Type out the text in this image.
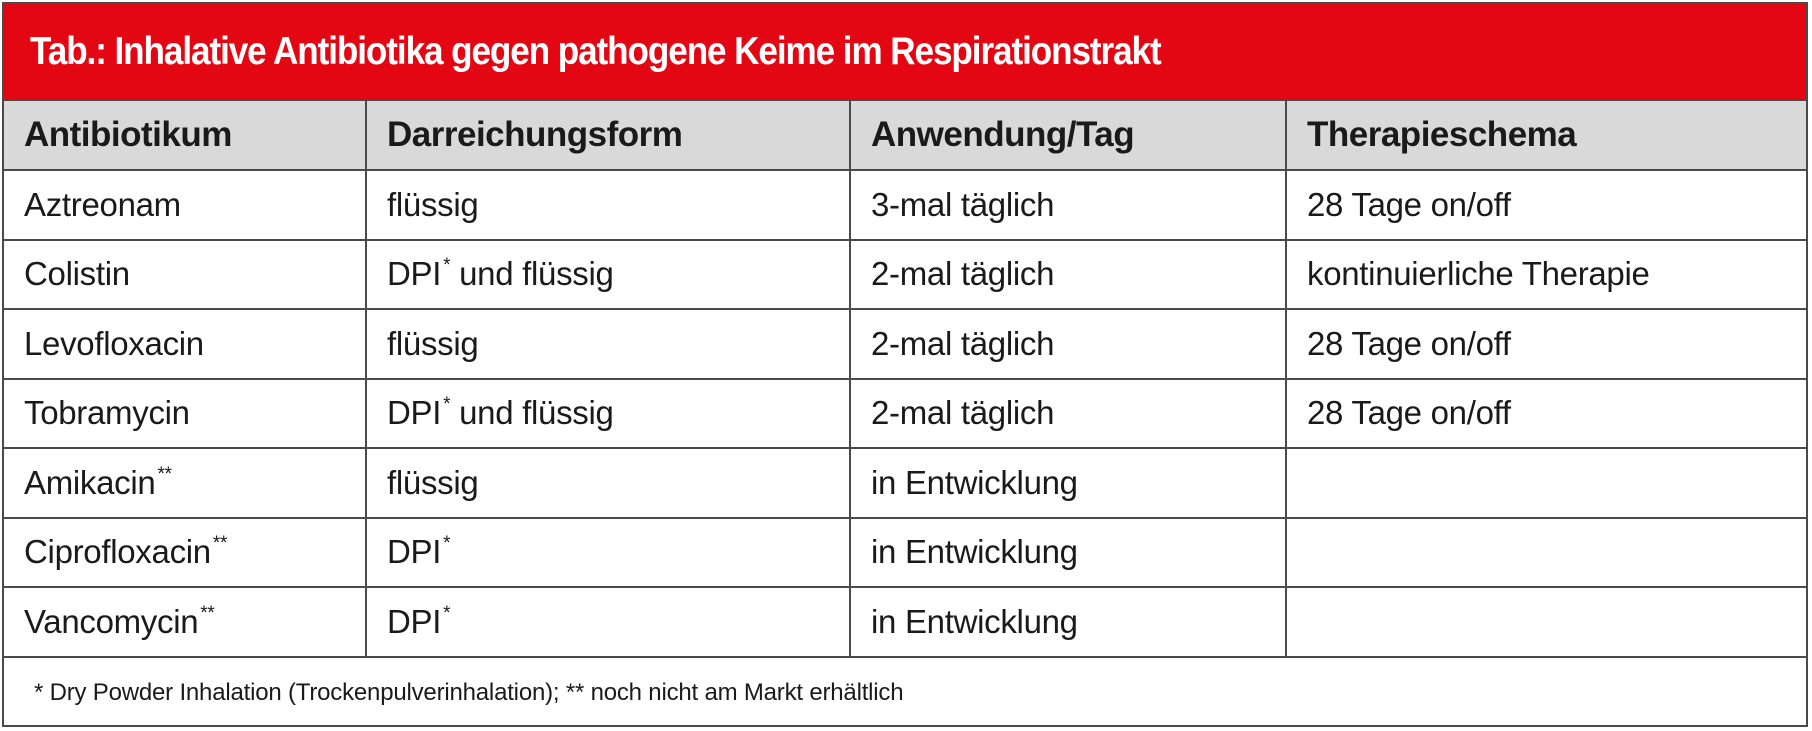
Tab.: Inhalative Antibiotika gegen pathogene Keime im Respirationstrakt
Antibiotikum	Darreichungsform	Anwendung/Tag	Therapieschema
Aztreonam	flüssig	3-mal täglich	28 Tage on/off
Colistin	DPI * und flüssig	2-mal täglich	kontinuierliche Therapie
Levofloxacin	flüssig	2-mal täglich	28 Tage on/off
Tobramycin	DPI * und flüssig	2-mal täglich	28 Tage on/off
Amikacin **	flüssig	in Entwicklung	
Ciprofloxacin **	DPI *	in Entwicklung	
Vancomycin **	DPI *	in Entwicklung	
* Dry Powder Inhalation (Trockenpulverinhalation); ** noch nicht am Markt erhältlich
